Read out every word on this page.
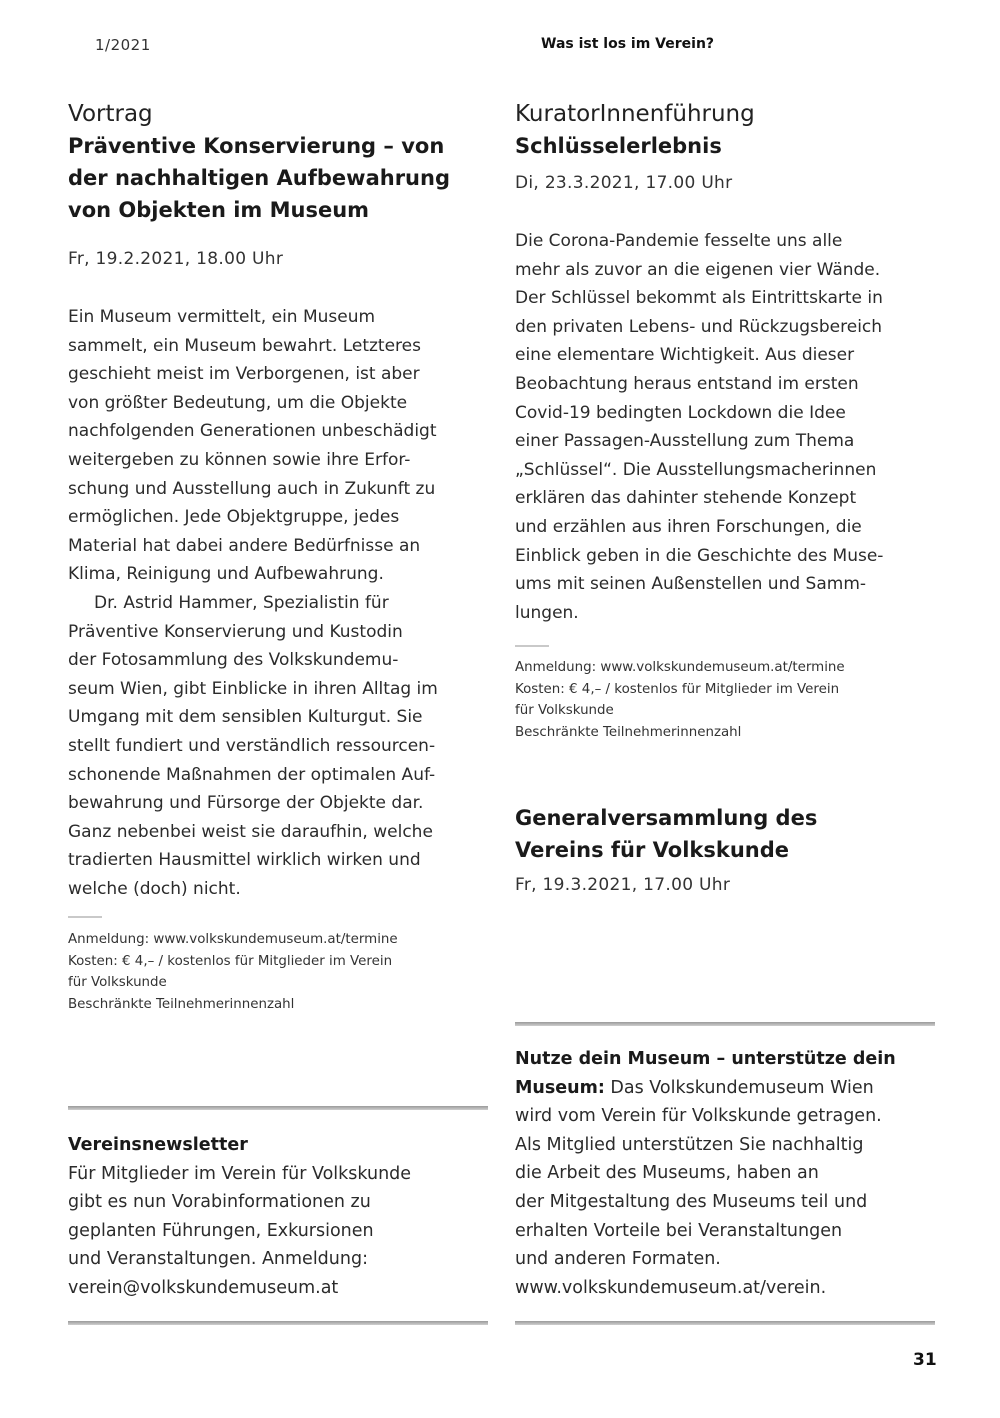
1/2021	Was ist los im Verein?
Vortrag
Präventive Konservierung – von
der nachhaltigen Aufbewahrung
von Objekten im Museum
Fr, 19.2.2021, 18.00 Uhr
Ein Museum vermittelt, ein Museum
sammelt, ein Museum bewahrt. Letzteres
geschieht meist im Verborgenen, ist aber
von größter Bedeutung, um die Objekte
nachfolgenden Generationen unbeschädigt
weitergeben zu können sowie ihre Erfor-
schung und Ausstellung auch in Zukunft zu
ermöglichen. Jede Objektgruppe, jedes
Material hat dabei andere Bedürfnisse an
Klima, Reinigung und Aufbewahrung.
Dr. Astrid Hammer, Spezialistin für
Präventive Konservierung und Kustodin
der Fotosammlung des Volkskundemu-
seum Wien, gibt Einblicke in ihren Alltag im
Umgang mit dem sensiblen Kulturgut. Sie
stellt fundiert und verständlich ressourcen-
schonende Maßnahmen der optimalen Auf-
bewahrung und Fürsorge der Objekte dar.
Ganz nebenbei weist sie daraufhin, welche
tradierten Hausmittel wirklich wirken und
welche (doch) nicht.
Anmeldung: www.volkskundemuseum.at/termine
Kosten: € 4,– / kostenlos für Mitglieder im Verein
für Volkskunde
Beschränkte Teilnehmerinnenzahl
KuratorInnenführung
Schlüsselerlebnis
Di, 23.3.2021, 17.00 Uhr
Die Corona-Pandemie fesselte uns alle
mehr als zuvor an die eigenen vier Wände.
Der Schlüssel bekommt als Eintrittskarte in
den privaten Lebens- und Rückzugsbereich
eine elementare Wichtigkeit. Aus dieser
Beobachtung heraus entstand im ersten
Covid-19 bedingten Lockdown die Idee
einer Passagen-Ausstellung zum Thema
„Schlüssel“. Die Ausstellungsmacherinnen
erklären das dahinter stehende Konzept
und erzählen aus ihren Forschungen, die
Einblick geben in die Geschichte des Muse-
ums mit seinen Außenstellen und Samm-
lungen.
Anmeldung: www.volkskundemuseum.at/termine
Kosten: € 4,– / kostenlos für Mitglieder im Verein
für Volkskunde
Beschränkte Teilnehmerinnenzahl
Generalversammlung des
Vereins für Volkskunde
Fr, 19.3.2021, 17.00 Uhr
Vereinsnewsletter
Für Mitglieder im Verein für Volkskunde
gibt es nun Vorabinformationen zu
geplanten Führungen, Exkursionen
und Veranstaltungen. Anmeldung:
verein@volkskundemuseum.at
Nutze dein Museum – unterstütze dein
Museum: Das Volkskundemuseum Wien
wird vom Verein für Volkskunde getragen.
Als Mitglied unterstützen Sie nachhaltig
die Arbeit des Museums, haben an
der Mitgestaltung des Museums teil und
erhalten Vorteile bei Veranstaltungen
und anderen Formaten.
www.volkskundemuseum.at/verein.
31
